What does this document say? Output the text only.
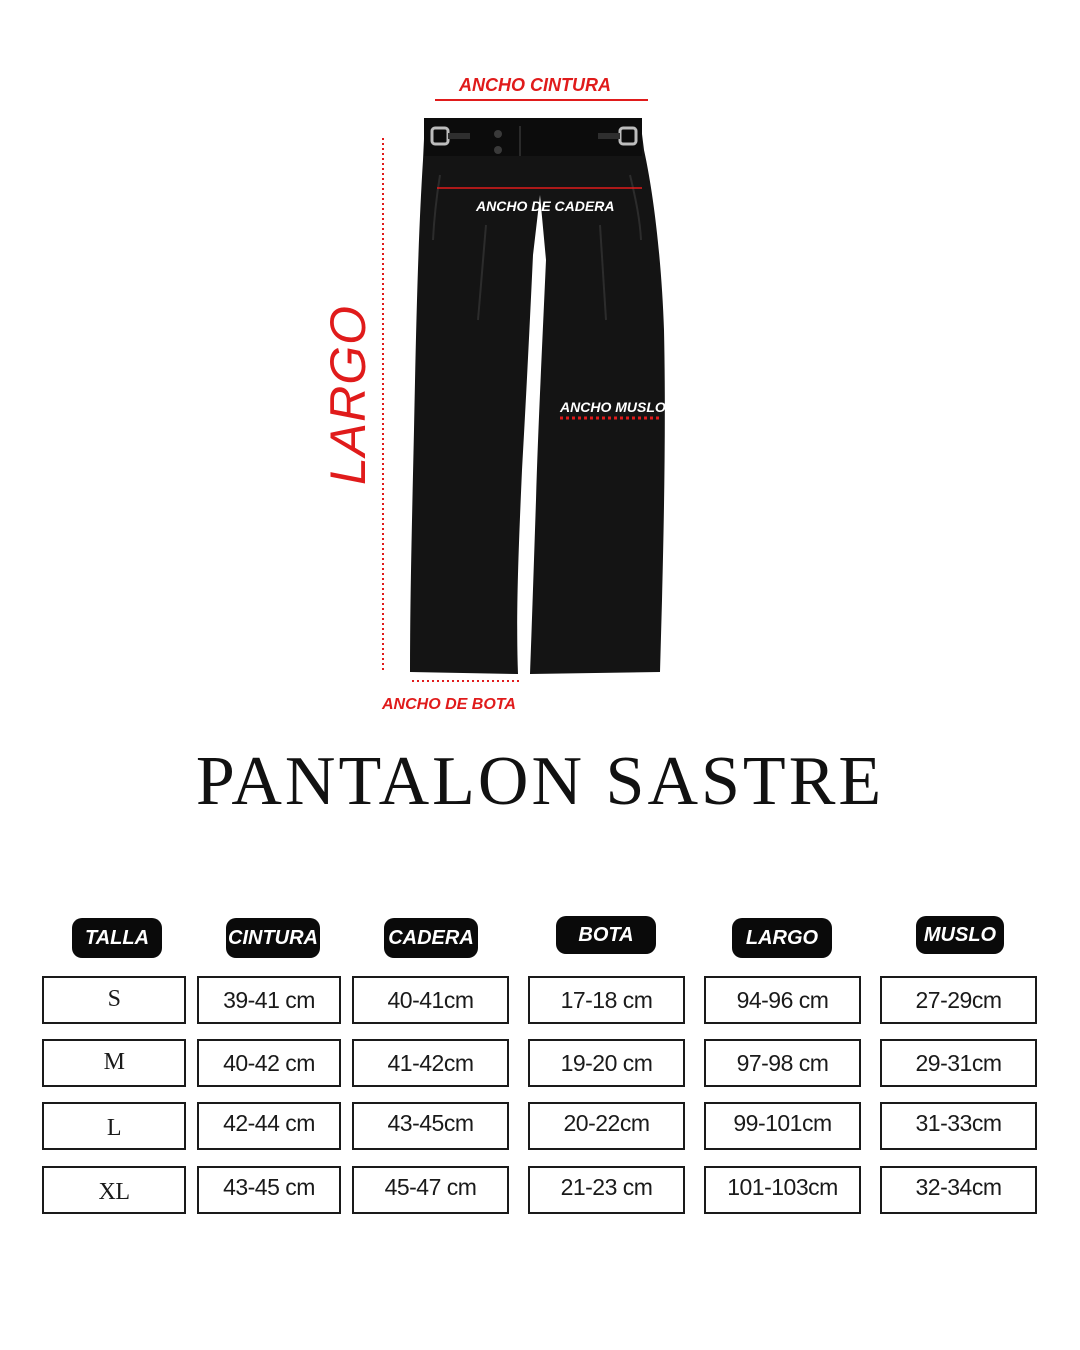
ANCHO CINTURA
ANCHO DE CADERA
LARGO	ANCHO MUSLO
ANCHO DE BOTA
PANTALON SASTRE
TALLA	CINTURA	CADERA	BOTA	LARGO	MUSLO
S	39-41 cm	40-41cm	17-18 cm	94-96 cm	27-29cm
M	40-42 cm	41-42cm	19-20 cm	97-98 cm	29-31cm
L	42-44 cm	43-45cm	20-22cm	99-101cm	31-33cm
XL	43-45 cm	45-47 cm	21-23 cm	101-103cm	32-34cm
